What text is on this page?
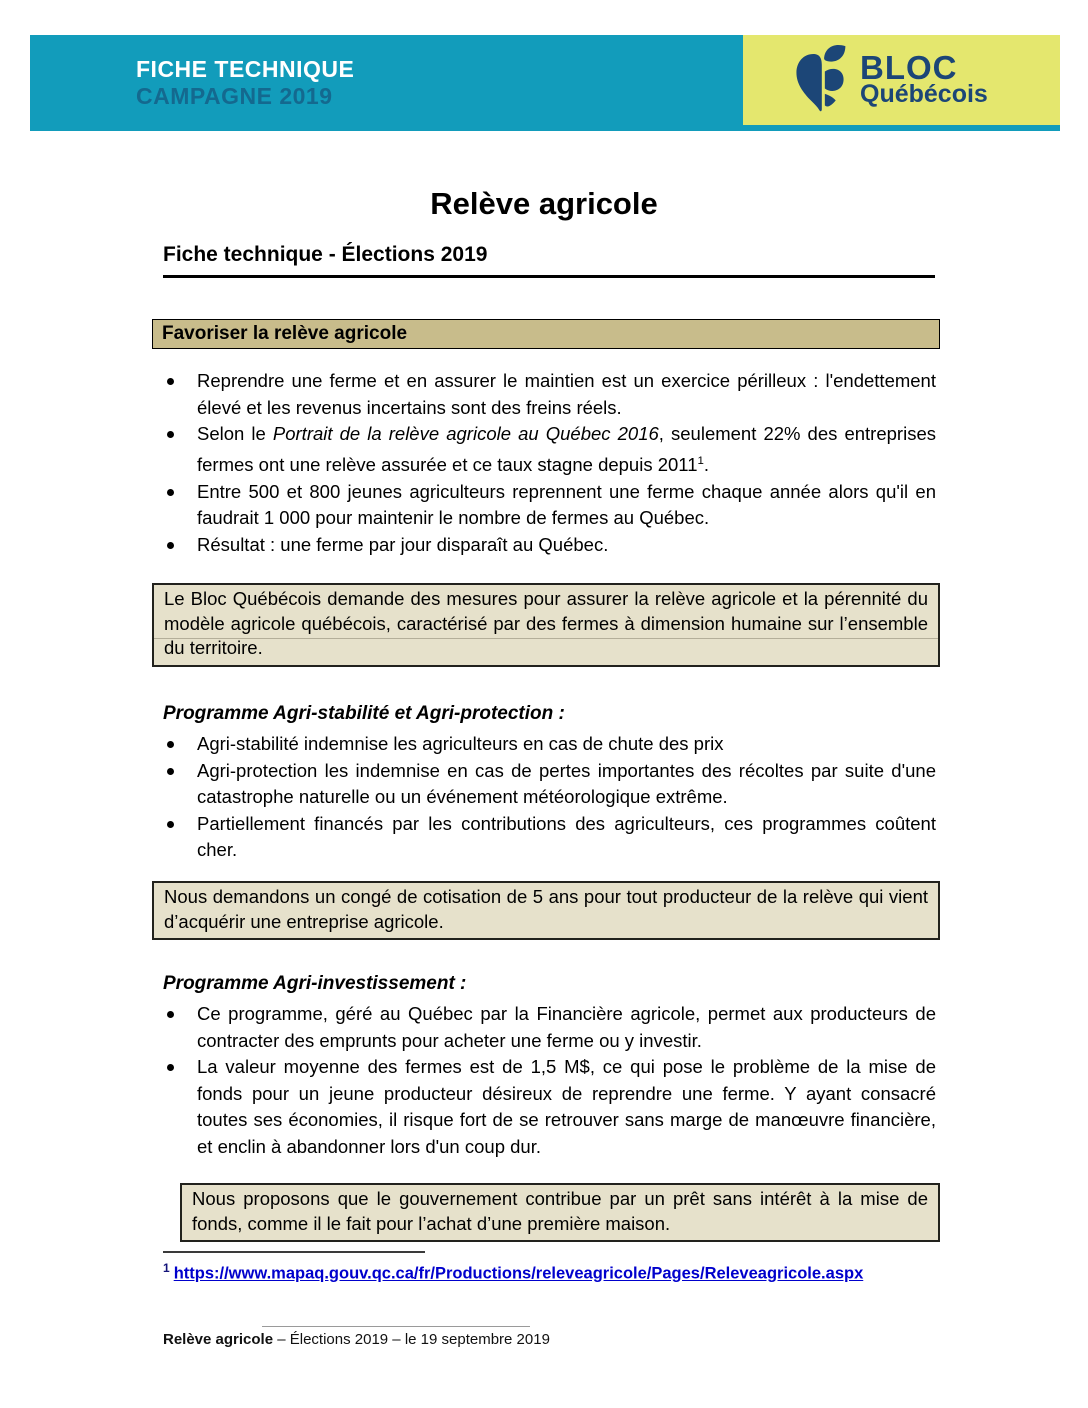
FICHE TECHNIQUE
CAMPAGNE 2019
BLOC
Québécois
Relève agricole
Fiche technique - Élections 2019
Favoriser la relève agricole
Reprendre une ferme et en assurer le maintien est un exercice périlleux : l'endettement élevé et les revenus incertains sont des freins réels.
Selon le Portrait de la relève agricole au Québec 2016, seulement 22% des entreprises fermes ont une relève assurée et ce taux stagne depuis 2011$^1$.
Entre 500 et 800 jeunes agriculteurs reprennent une ferme chaque année alors qu'il en faudrait 1 000 pour maintenir le nombre de fermes au Québec.
Résultat : une ferme par jour disparaît au Québec.
Le Bloc Québécois demande des mesures pour assurer la relève agricole et la pérennité du modèle agricole québécois, caractérisé par des fermes à dimension humaine sur l’ensemble du territoire.
Programme Agri-stabilité et Agri-protection :
Agri-stabilité indemnise les agriculteurs en cas de chute des prix
Agri-protection les indemnise en cas de pertes importantes des récoltes par suite d'une catastrophe naturelle ou un événement météorologique extrême.
Partiellement financés par les contributions des agriculteurs, ces programmes coûtent cher.
Nous demandons un congé de cotisation de 5 ans pour tout producteur de la relève qui vient d’acquérir une entreprise agricole.
Programme Agri-investissement :
Ce programme, géré au Québec par la Financière agricole, permet aux producteurs de contracter des emprunts pour acheter une ferme ou y investir.
La valeur moyenne des fermes est de 1,5 M$, ce qui pose le problème de la mise de fonds pour un jeune producteur désireux de reprendre une ferme. Y ayant consacré toutes ses économies, il risque fort de se retrouver sans marge de manœuvre financière, et enclin à abandonner lors d'un coup dur.
Nous proposons que le gouvernement contribue par un prêt sans intérêt à la mise de fonds, comme il le fait pour l’achat d’une première maison.
$^1$ https://www.mapaq.gouv.qc.ca/fr/Productions/releveagricole/Pages/Releveagricole.aspx
Relève agricole – Élections 2019 – le 19 septembre 2019
